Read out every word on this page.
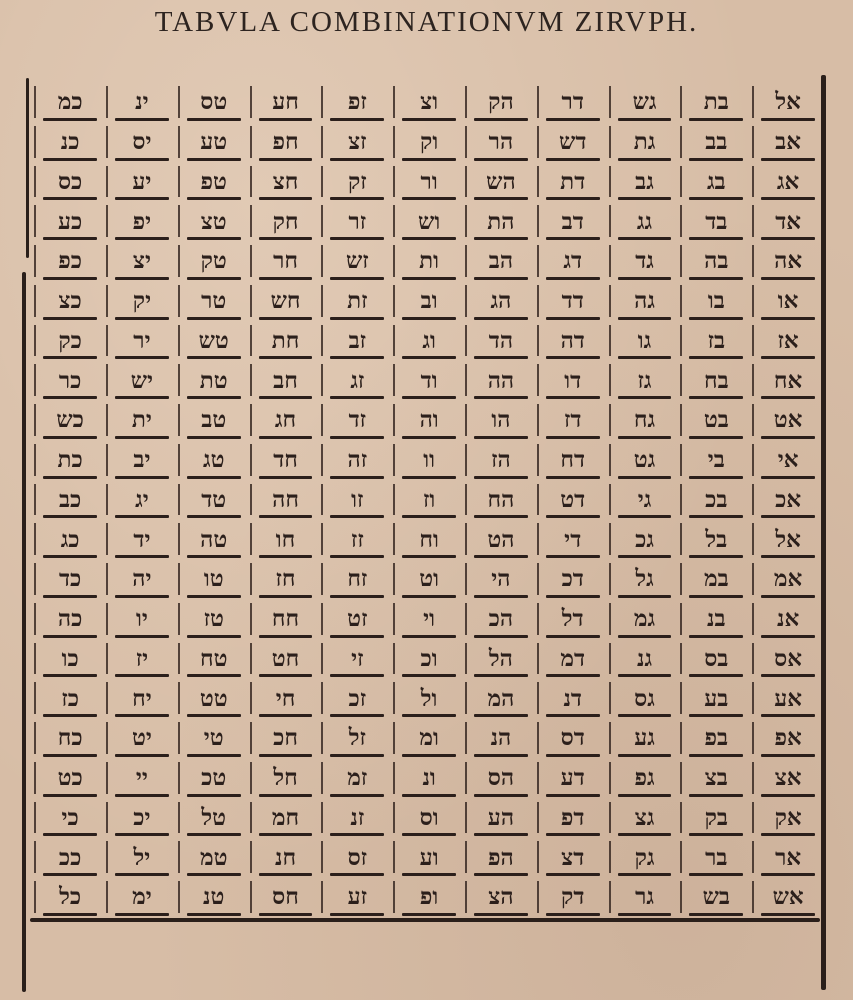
TABVLA COMBINATIONVM ZIRVPH.
אל
אב
אג
אד
אה
או
אז
אח
אט
אי
אכ
אל
אמ
אנ
אס
אע
אפ
אצ
אק
אר
אש
בת
בב
בג
בד
בה
בו
בז
בח
בט
בי
בכ
בל
במ
בנ
בס
בע
בפ
בצ
בק
בר
בש
גש
גת
גב
גג
גד
גה
גו
גז
גח
גט
גי
גכ
גל
גמ
גנ
גס
גע
גפ
גצ
גק
גר
דר
דש
דת
דב
דג
דד
דה
דו
דז
דח
דט
די
דכ
דל
דמ
דנ
דס
דע
דפ
דצ
דק
הק
הר
הש
הת
הב
הג
הד
הה
הו
הז
הח
הט
הי
הכ
הל
המ
הנ
הס
הע
הפ
הצ
וצ
וק
ור
וש
ות
וב
וג
וד
וה
וו
וז
וח
וט
וי
וכ
ול
ומ
ונ
וס
וע
ופ
זפ
זצ
זק
זר
זש
זת
זב
זג
זד
זה
זו
זז
זח
זט
זי
זכ
זל
זמ
זנ
זס
זע
חע
חפ
חצ
חק
חר
חש
חת
חב
חג
חד
חה
חו
חז
חח
חט
חי
חכ
חל
חמ
חנ
חס
טס
טע
טפ
טצ
טק
טר
טש
טת
טב
טג
טד
טה
טו
טז
טח
טט
טי
טכ
טל
טמ
טנ
ינ
יס
יע
יפ
יצ
יק
יר
יש
ית
יב
יג
יד
יה
יו
יז
יח
יט
יי
יכ
יל
ימ
כמ
כנ
כס
כע
כפ
כצ
כק
כר
כש
כת
כב
כג
כד
כה
כו
כז
כח
כט
כי
ככ
כל
